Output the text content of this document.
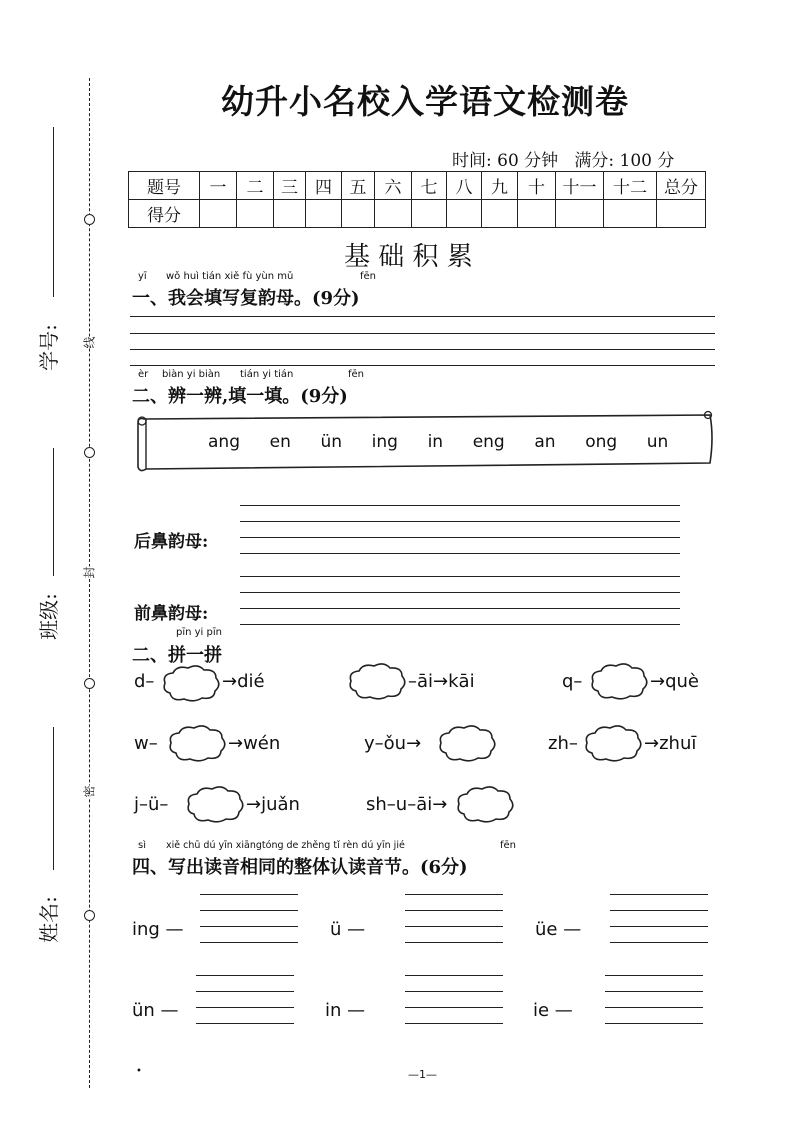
学号:
班级:
姓名:
线
封
密
幼升小名校入学语文检测卷
时间: 60 分钟 满分: 100 分
题号	一	二	三	四	五	六	七	八	九	十	十一	十二	总分
得分													
基 础 积 累
yī wǒ huì tián xiě fù yùn mǔ	fēn
一、我会填写复韵母。(9分)
èr biàn yi biàn tián yi tián	fēn
二、辨一辨,填一填。(9分)
ang en ün ing in eng an ong un
后鼻韵母:
前鼻韵母:
pīn yi pīn
二、拼一拼
d–	→dié	–āi→kāi	q–	→què
w–	→wén	y–ǒu→	zh–	→zhuī
j–ü–	→juǎn	sh–u–āi→
sì xiě chū dú yīn xiāngtóng de zhěng tǐ rèn dú yīn jié	fēn
四、写出读音相同的整体认读音节。(6分)
ing —	ü —	üe —
ün —	in —	ie —
•	—1—
